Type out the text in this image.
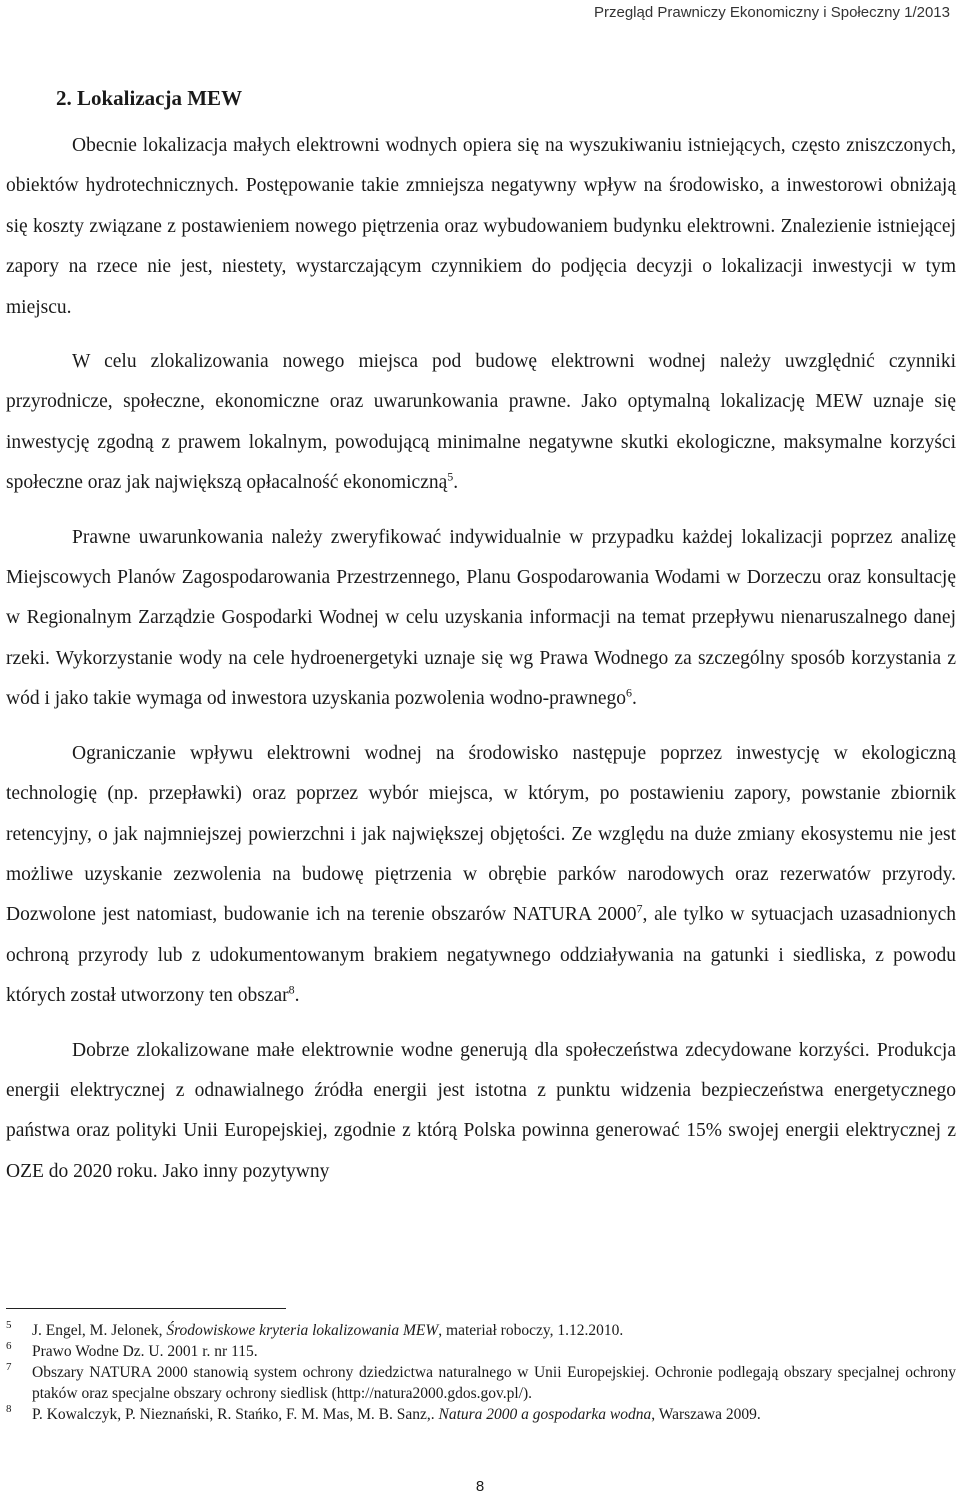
Przegląd Prawniczy Ekonomiczny i Społeczny 1/2013
2. Lokalizacja MEW

Obecnie lokalizacja małych elektrowni wodnych opiera się na wyszukiwaniu istniejących, często zniszczonych, obiektów hydrotechnicznych. Postępowanie takie zmniejsza negatywny wpływ na środowisko, a inwestorowi obniżają się koszty związane z postawieniem nowego piętrzenia oraz wybudowaniem budynku elektrowni. Znalezienie istniejącej zapory na rzece nie jest, niestety, wystarczającym czynnikiem do podjęcia decyzji o lokalizacji inwestycji w tym miejscu.

W celu zlokalizowania nowego miejsca pod budowę elektrowni wodnej należy uwzględnić czynniki przyrodnicze, społeczne, ekonomiczne oraz uwarunkowania prawne. Jako optymalną lokalizację MEW uznaje się inwestycję zgodną z prawem lokalnym, powodującą minimalne negatywne skutki ekologiczne, maksymalne korzyści społeczne oraz jak największą opłacalność ekonomiczną$^5$.

Prawne uwarunkowania należy zweryfikować indywidualnie w przypadku każdej lokalizacji poprzez analizę Miejscowych Planów Zagospodarowania Przestrzennego, Planu Gospodarowania Wodami w Dorzeczu oraz konsultację w Regionalnym Zarządzie Gospodarki Wodnej w celu uzyskania informacji na temat przepływu nienaruszalnego danej rzeki. Wykorzystanie wody na cele hydroenergetyki uznaje się wg Prawa Wodnego za szczególny sposób korzystania z wód i jako takie wymaga od inwestora uzyskania pozwolenia wodno-prawnego$^6$.

Ograniczanie wpływu elektrowni wodnej na środowisko następuje poprzez inwestycję w ekologiczną technologię (np. przepławki) oraz poprzez wybór miejsca, w którym, po postawieniu zapory, powstanie zbiornik retencyjny, o jak najmniejszej powierzchni i jak największej objętości. Ze względu na duże zmiany ekosystemu nie jest możliwe uzyskanie zezwolenia na budowę piętrzenia w obrębie parków narodowych oraz rezerwatów przyrody. Dozwolone jest natomiast, budowanie ich na terenie obszarów NATURA 2000$^7$, ale tylko w sytuacjach uzasadnionych ochroną przyrody lub z udokumentowanym brakiem negatywnego oddziaływania na gatunki i siedliska, z powodu których został utworzony ten obszar$^8$.

Dobrze zlokalizowane małe elektrownie wodne generują dla społeczeństwa zdecydowane korzyści. Produkcja energii elektrycznej z odnawialnego źródła energii jest istotna z punktu widzenia bezpieczeństwa energetycznego państwa oraz polityki Unii Europejskiej, zgodnie z którą Polska powinna generować 15% swojej energii elektrycznej z OZE do 2020 roku. Jako inny pozytywny

5 J. Engel, M. Jelonek, Środowiskowe kryteria lokalizowania MEW, materiał roboczy, 1.12.2010.

6 Prawo Wodne Dz. U. 2001 r. nr 115.

7 Obszary NATURA 2000 stanowią system ochrony dziedzictwa naturalnego w Unii Europejskiej. Ochronie podlegają obszary specjalnej ochrony ptaków oraz specjalne obszary ochrony siedlisk (http://natura2000.gdos.gov.pl/).

8 P. Kowalczyk, P. Nieznański, R. Stańko, F. M. Mas, M. B. Sanz,. Natura 2000 a gospodarka wodna, Warszawa 2009.

8
